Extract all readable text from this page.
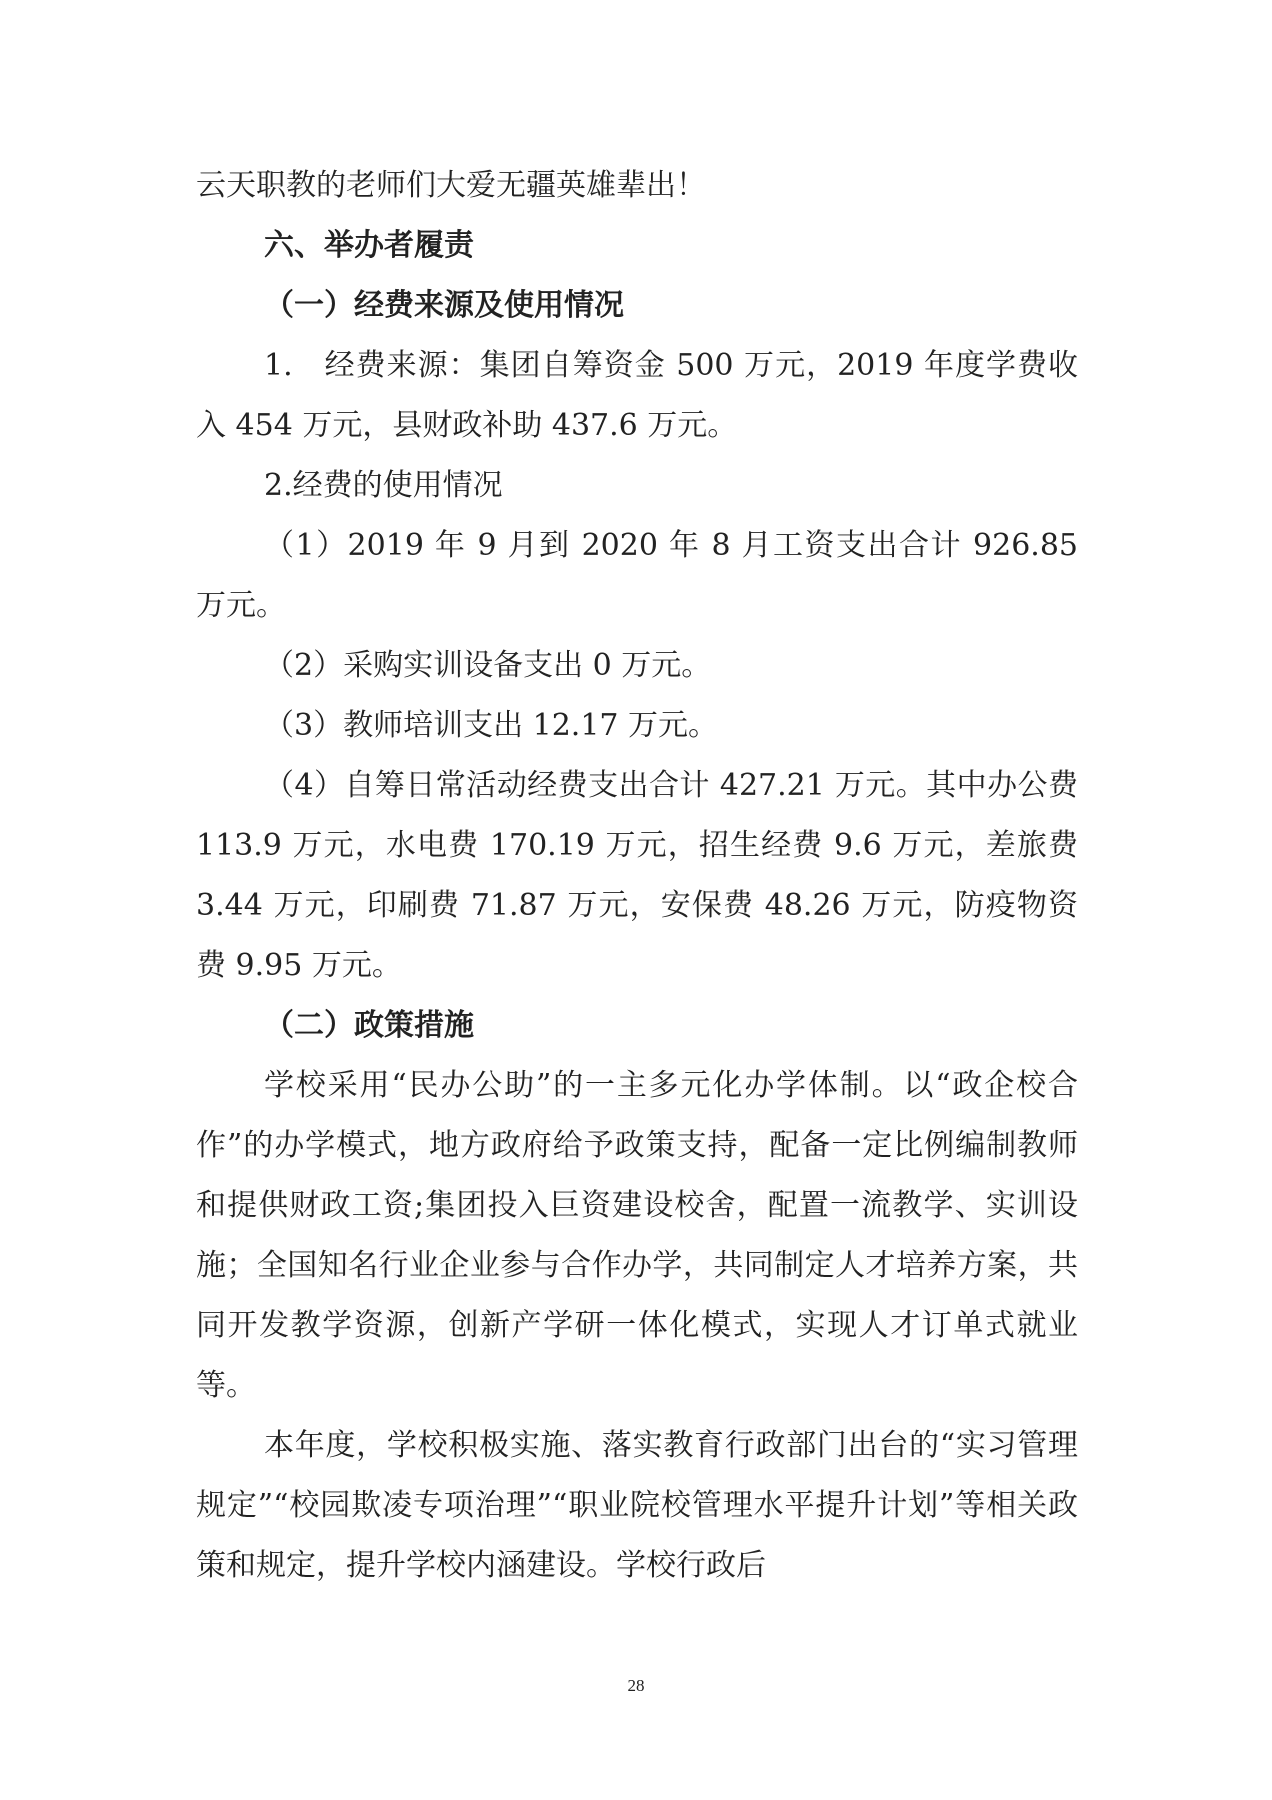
云天职教的老师们大爱无疆英雄辈出！

六、举办者履责

（一）经费来源及使用情况

1.　经费来源：集团自筹资金 500 万元，2019 年度学费收入 454 万元，县财政补助 437.6 万元。

2.经费的使用情况

（1）2019 年 9 月到 2020 年 8 月工资支出合计 926.85 万元。

（2）采购实训设备支出 0 万元。

（3）教师培训支出 12.17 万元。

（4）自筹日常活动经费支出合计 427.21 万元。其中办公费 113.9 万元，水电费 170.19 万元，招生经费 9.6 万元，差旅费 3.44 万元，印刷费 71.87 万元，安保费 48.26 万元，防疫物资费 9.95 万元。

（二）政策措施

学校采用“民办公助”的一主多元化办学体制。以“政企校合作”的办学模式，地方政府给予政策支持，配备一定比例编制教师和提供财政工资;集团投入巨资建设校舍，配置一流教学、实训设施；全国知名行业企业参与合作办学，共同制定人才培养方案，共同开发教学资源，创新产学研一体化模式，实现人才订单式就业等。

本年度，学校积极实施、落实教育行政部门出台的“实习管理规定”“校园欺凌专项治理”“职业院校管理水平提升计划”等相关政策和规定，提升学校内涵建设。学校行政后

28
